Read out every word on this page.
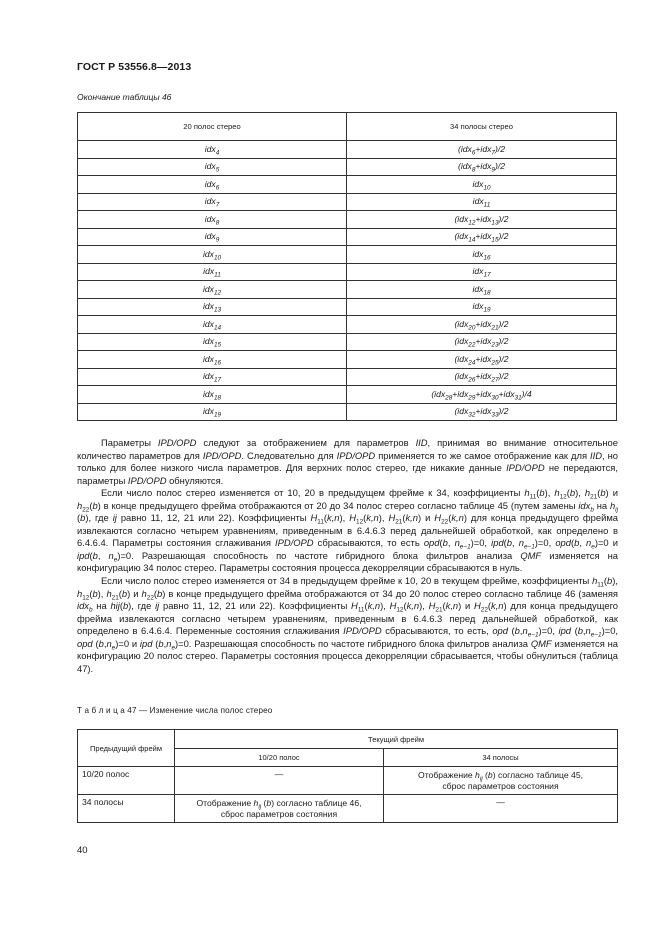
ГОСТ Р 53556.8—2013
Окончание таблицы 46
20 полос стерео	34 полосы стерео
idx$_4$	(idx$_6$+idx$_7$)/2
idx$_5$	(idx$_8$+idx$_9$)/2
idx$_6$	idx$_{10}$
idx$_7$	idx$_{11}$
idx$_8$	(idx$_{12}$+idx$_{13}$)/2
idx$_9$	(idx$_{14}$+idx$_{15}$)/2
idx$_{10}$	idx$_{16}$
idx$_{11}$	idx$_{17}$
idx$_{12}$	idx$_{18}$
idx$_{13}$	idx$_{19}$
idx$_{14}$	(idx$_{20}$+idx$_{21}$)/2
idx$_{15}$	(idx$_{22}$+idx$_{23}$)/2
idx$_{16}$	(idx$_{24}$+idx$_{25}$)/2
idx$_{17}$	(idx$_{26}$+idx$_{27}$)/2
idx$_{18}$	(idx$_{28}$+idx$_{29}$+idx$_{30}$+idx$_{31}$)/4
idx$_{19}$	(idx$_{32}$+idx$_{33}$)/2

Параметры IPD/OPD следуют за отображением для параметров IID, принимая во внимание относительное количество параметров для IPD/OPD. Следовательно для IPD/OPD применяется то же самое отображение как для IID, но только для более низкого числа параметров. Для верхних полос стерео, где никакие данные IPD/OPD не передаются, параметры IPD/OPD обнуляются.

Если число полос стерео изменяется от 10, 20 в предыдущем фрейме к 34, коэффициенты $h_{11}(b)$, $h_{12}(b)$, $h_{21}(b)$ и $h_{22}(b)$ в конце предыдущего фрейма отображаются от 20 до 34 полос стерео согласно таблице 45 (путем замены idx$_b$ на $h_{ij}$ (b), где ij равно 11, 12, 21 или 22). Коэффициенты $H_{11}(k,n)$, $H_{12}(k,n)$, $H_{21}(k,n)$ и $H_{22}(k,n)$ для конца предыдущего фрейма извлекаются согласно четырем уравнениям, приведенным в 6.4.6.3 перед дальнейшей обработкой, как определено в 6.4.6.4. Параметры состояния сглаживания IPD/OPD сбрасываются, то есть opd(b, $n_{e-1})=0$, ipd(b, $n_{e-1})=0$, opd(b, $n_e)=0$ и ipd(b, $n_e)=0$. Разрешающая способность по частоте гибридного блока фильтров анализа QMF изменяется на конфигурацию 34 полос стерео. Параметры состояния процесса декорреляции сбрасываются в нуль.

Если число полос стерео изменяется от 34 в предыдущем фрейме к 10, 20 в текущем фрейме, коэффициенты $h_{11}(b)$, $h_{12}(b)$, $h_{21}(b)$ и $h_{22}(b)$ в конце предыдущего фрейма отображаются от 34 до 20 полос стерео согласно таблице 46 (заменяя idx$_b$ на hij(b), где ij равно 11, 12, 21 или 22). Коэффициенты $H_{11}(k,n)$, $H_{12}(k,n)$, $H_{21}(k,n)$ и $H_{22}(k,n)$ для конца предыдущего фрейма извлекаются согласно четырем уравнениям, приведенным в 6.4.6.3 перед дальнейшей обработкой, как определено в 6.4.6.4. Переменные состояния сглаживания IPD/OPD сбрасываются, то есть, opd $(b,n_{e-1})=0$, ipd $(b,n_{e-1})=0$, opd $(b,n_e)=0$ и ipd $(b,n_e)=0$. Разрешающая способность по частоте гибридного блока фильтров анализа QMF изменяется на конфигурацию 20 полос стерео. Параметры состояния процесса декорреляции сбрасывается, чтобы обнулиться (таблица 47).

Т а б л и ц а 47 — Изменение числа полос стерео
Предыдущий фрейм	Текущий фрейм	
	10/20 полос	34 полосы
10/20 полос	—	Отображение $h_{ij}$ (b) согласно таблице 45,
сброс параметров состояния
34 полосы	Отображение $h_{ij}$ (b) согласно таблице 46,
сброс параметров состояния	—
40
